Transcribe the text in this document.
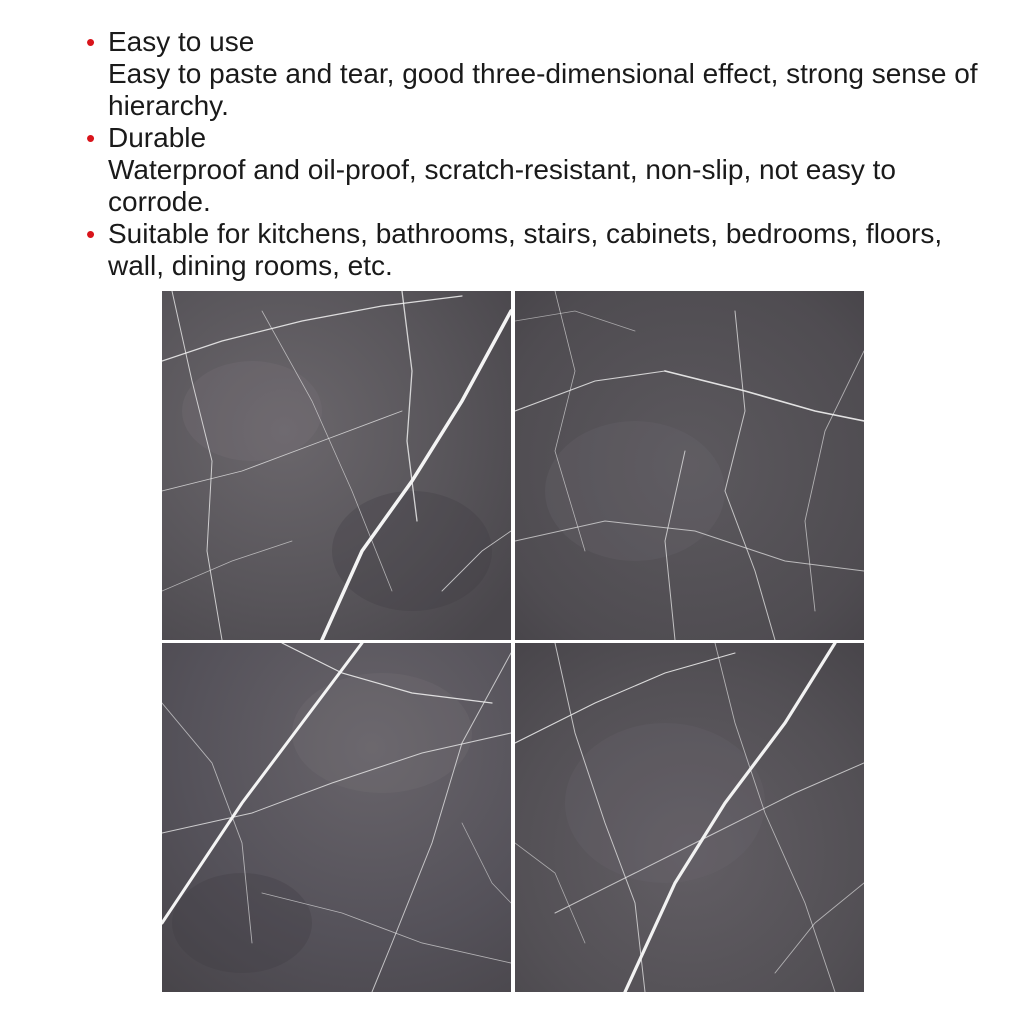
• Easy to use
Easy to paste and tear, good three-dimensional effect, strong sense of hierarchy.
• Durable
Waterproof and oil-proof, scratch-resistant, non-slip, not easy to corrode.
• Suitable for kitchens, bathrooms, stairs, cabinets, bedrooms, floors, wall, dining rooms, etc.
